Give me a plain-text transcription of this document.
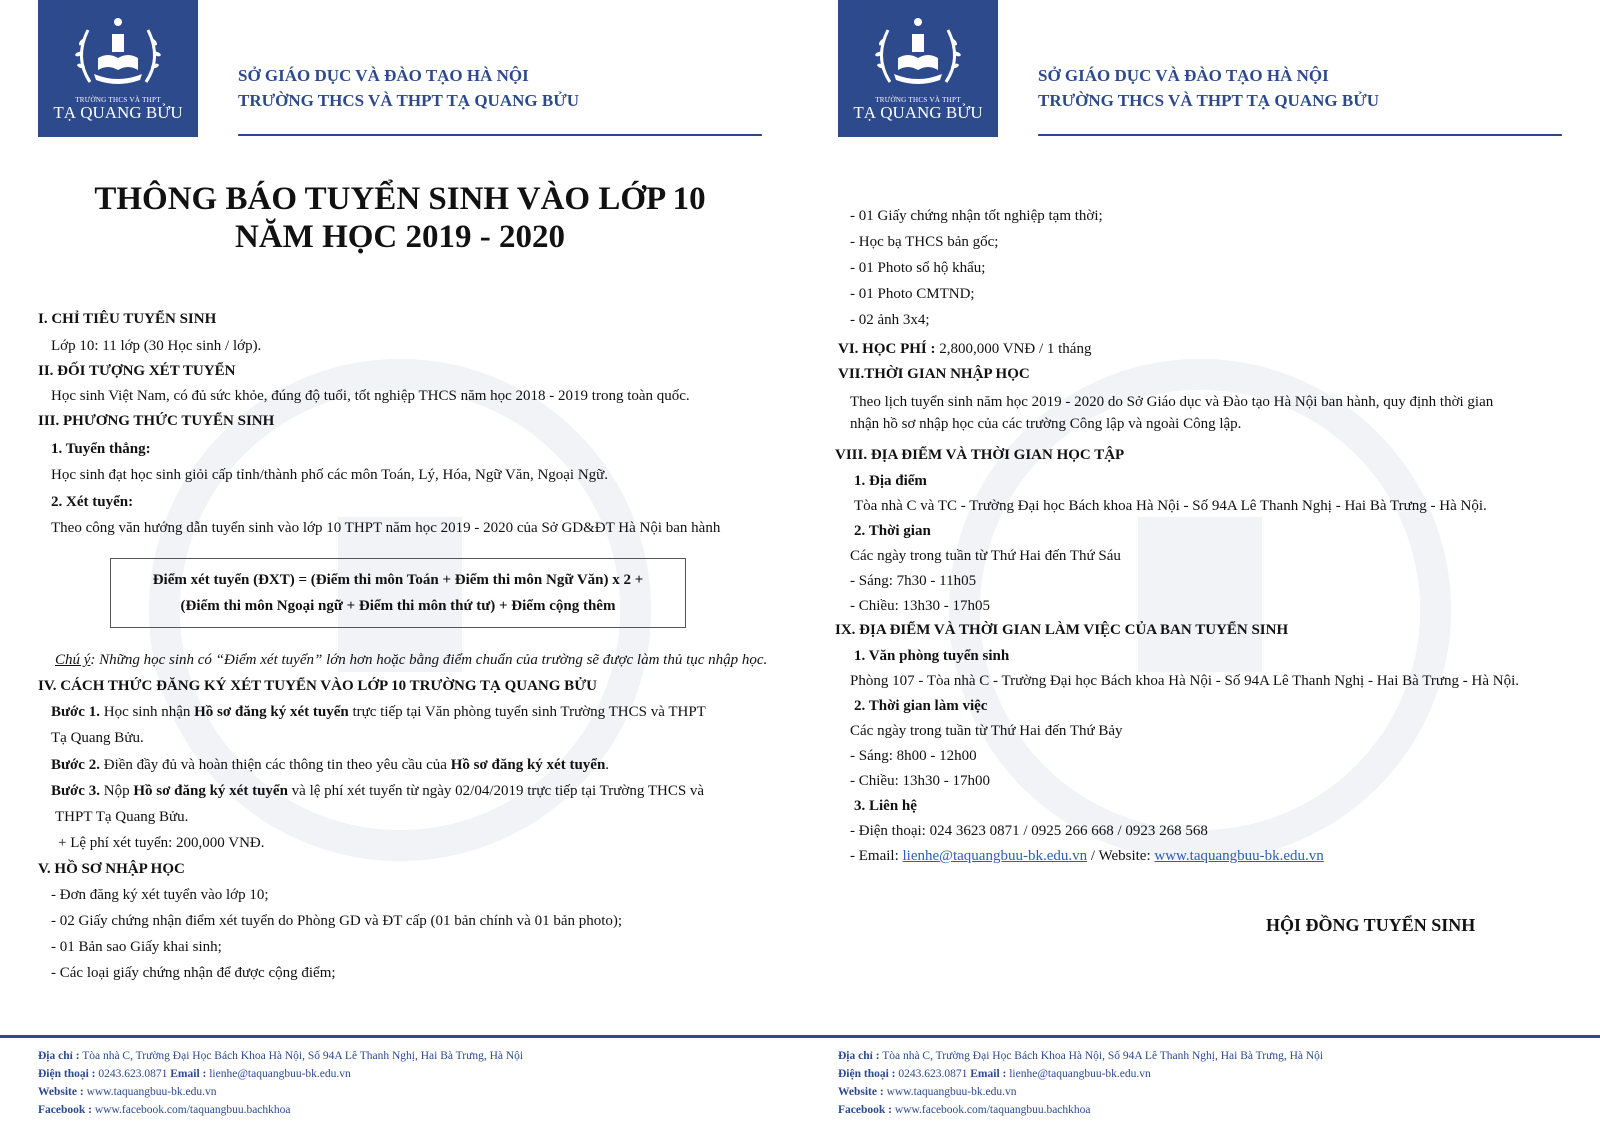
TRƯỜNG THCS VÀ THPT
TẠ QUANG BỬU
SỞ GIÁO DỤC VÀ ĐÀO TẠO HÀ NỘI
TRƯỜNG THCS VÀ THPT TẠ QUANG BỬU
THÔNG BÁO TUYỂN SINH VÀO LỚP 10
NĂM HỌC 2019 - 2020
I. CHỈ TIÊU TUYỂN SINH
Lớp 10: 11 lớp (30 Học sinh / lớp).
II. ĐỐI TƯỢNG XÉT TUYỂN
Học sinh Việt Nam, có đủ sức khỏe, đúng độ tuổi, tốt nghiệp THCS năm học 2018 - 2019 trong toàn quốc.
III. PHƯƠNG THỨC TUYỂN SINH
1. Tuyển thẳng:
Học sinh đạt học sinh giỏi cấp tỉnh/thành phố các môn Toán, Lý, Hóa, Ngữ Văn, Ngoại Ngữ.
2. Xét tuyển:
Theo công văn hướng dẫn tuyển sinh vào lớp 10 THPT năm học 2019 - 2020 của Sở GD&ĐT Hà Nội ban hành
Điểm xét tuyển (ĐXT) = (Điểm thi môn Toán + Điểm thi môn Ngữ Văn) x 2 +
(Điểm thi môn Ngoại ngữ + Điểm thi môn thứ tư) + Điểm cộng thêm
Chú ý: Những học sinh có “Điểm xét tuyển” lớn hơn hoặc bằng điểm chuẩn của trường sẽ được làm thủ tục nhập học.
IV. CÁCH THỨC ĐĂNG KÝ XÉT TUYỂN VÀO LỚP 10 TRƯỜNG TẠ QUANG BỬU
Bước 1. Học sinh nhận Hồ sơ đăng ký xét tuyển trực tiếp tại Văn phòng tuyển sinh Trường THCS và THPT
Tạ Quang Bửu.
Bước 2. Điền đầy đủ và hoàn thiện các thông tin theo yêu cầu của Hồ sơ đăng ký xét tuyển.
Bước 3. Nộp Hồ sơ đăng ký xét tuyển và lệ phí xét tuyển từ ngày 02/04/2019 trực tiếp tại Trường THCS và
THPT Tạ Quang Bửu.
+ Lệ phí xét tuyển: 200,000 VNĐ.
V. HỒ SƠ NHẬP HỌC
- Đơn đăng ký xét tuyển vào lớp 10;
- 02 Giấy chứng nhận điểm xét tuyển do Phòng GD và ĐT cấp (01 bản chính và 01 bản photo);
- 01 Bản sao Giấy khai sinh;
- Các loại giấy chứng nhận để được cộng điểm;
Địa chỉ : Tòa nhà C, Trường Đại Học Bách Khoa Hà Nội, Số 94A Lê Thanh Nghị, Hai Bà Trưng, Hà Nội
Điện thoại : 0243.623.0871 Email : lienhe@taquangbuu-bk.edu.vn
Website : www.taquangbuu-bk.edu.vn
Facebook : www.facebook.com/taquangbuu.bachkhoa
TRƯỜNG THCS VÀ THPT
TẠ QUANG BỬU
SỞ GIÁO DỤC VÀ ĐÀO TẠO HÀ NỘI
TRƯỜNG THCS VÀ THPT TẠ QUANG BỬU
- 01 Giấy chứng nhận tốt nghiệp tạm thời;
- Học bạ THCS bản gốc;
- 01 Photo sổ hộ khẩu;
- 01 Photo CMTND;
- 02 ảnh 3x4;
VI. HỌC PHÍ : 2,800,000 VNĐ / 1 tháng
VII.THỜI GIAN NHẬP HỌC
Theo lịch tuyển sinh năm học 2019 - 2020 do Sở Giáo dục và Đào tạo Hà Nội ban hành, quy định thời gian
nhận hồ sơ nhập học của các trường Công lập và ngoài Công lập.
VIII. ĐỊA ĐIỂM VÀ THỜI GIAN HỌC TẬP
1. Địa điểm
Tòa nhà C và TC - Trường Đại học Bách khoa Hà Nội - Số 94A Lê Thanh Nghị - Hai Bà Trưng - Hà Nội.
2. Thời gian
Các ngày trong tuần từ Thứ Hai đến Thứ Sáu
- Sáng: 7h30 - 11h05
- Chiều: 13h30 - 17h05
IX. ĐỊA ĐIỂM VÀ THỜI GIAN LÀM VIỆC CỦA BAN TUYỂN SINH
1. Văn phòng tuyển sinh
Phòng 107 - Tòa nhà C - Trường Đại học Bách khoa Hà Nội - Số 94A Lê Thanh Nghị - Hai Bà Trưng - Hà Nội.
2. Thời gian làm việc
Các ngày trong tuần từ Thứ Hai đến Thứ Bảy
- Sáng: 8h00 - 12h00
- Chiều: 13h30 - 17h00
3. Liên hệ
- Điện thoại: 024 3623 0871 / 0925 266 668 / 0923 268 568
- Email: lienhe@taquangbuu-bk.edu.vn / Website: www.taquangbuu-bk.edu.vn
HỘI ĐỒNG TUYỂN SINH
Địa chỉ : Tòa nhà C, Trường Đại Học Bách Khoa Hà Nội, Số 94A Lê Thanh Nghị, Hai Bà Trưng, Hà Nội
Điện thoại : 0243.623.0871 Email : lienhe@taquangbuu-bk.edu.vn
Website : www.taquangbuu-bk.edu.vn
Facebook : www.facebook.com/taquangbuu.bachkhoa
